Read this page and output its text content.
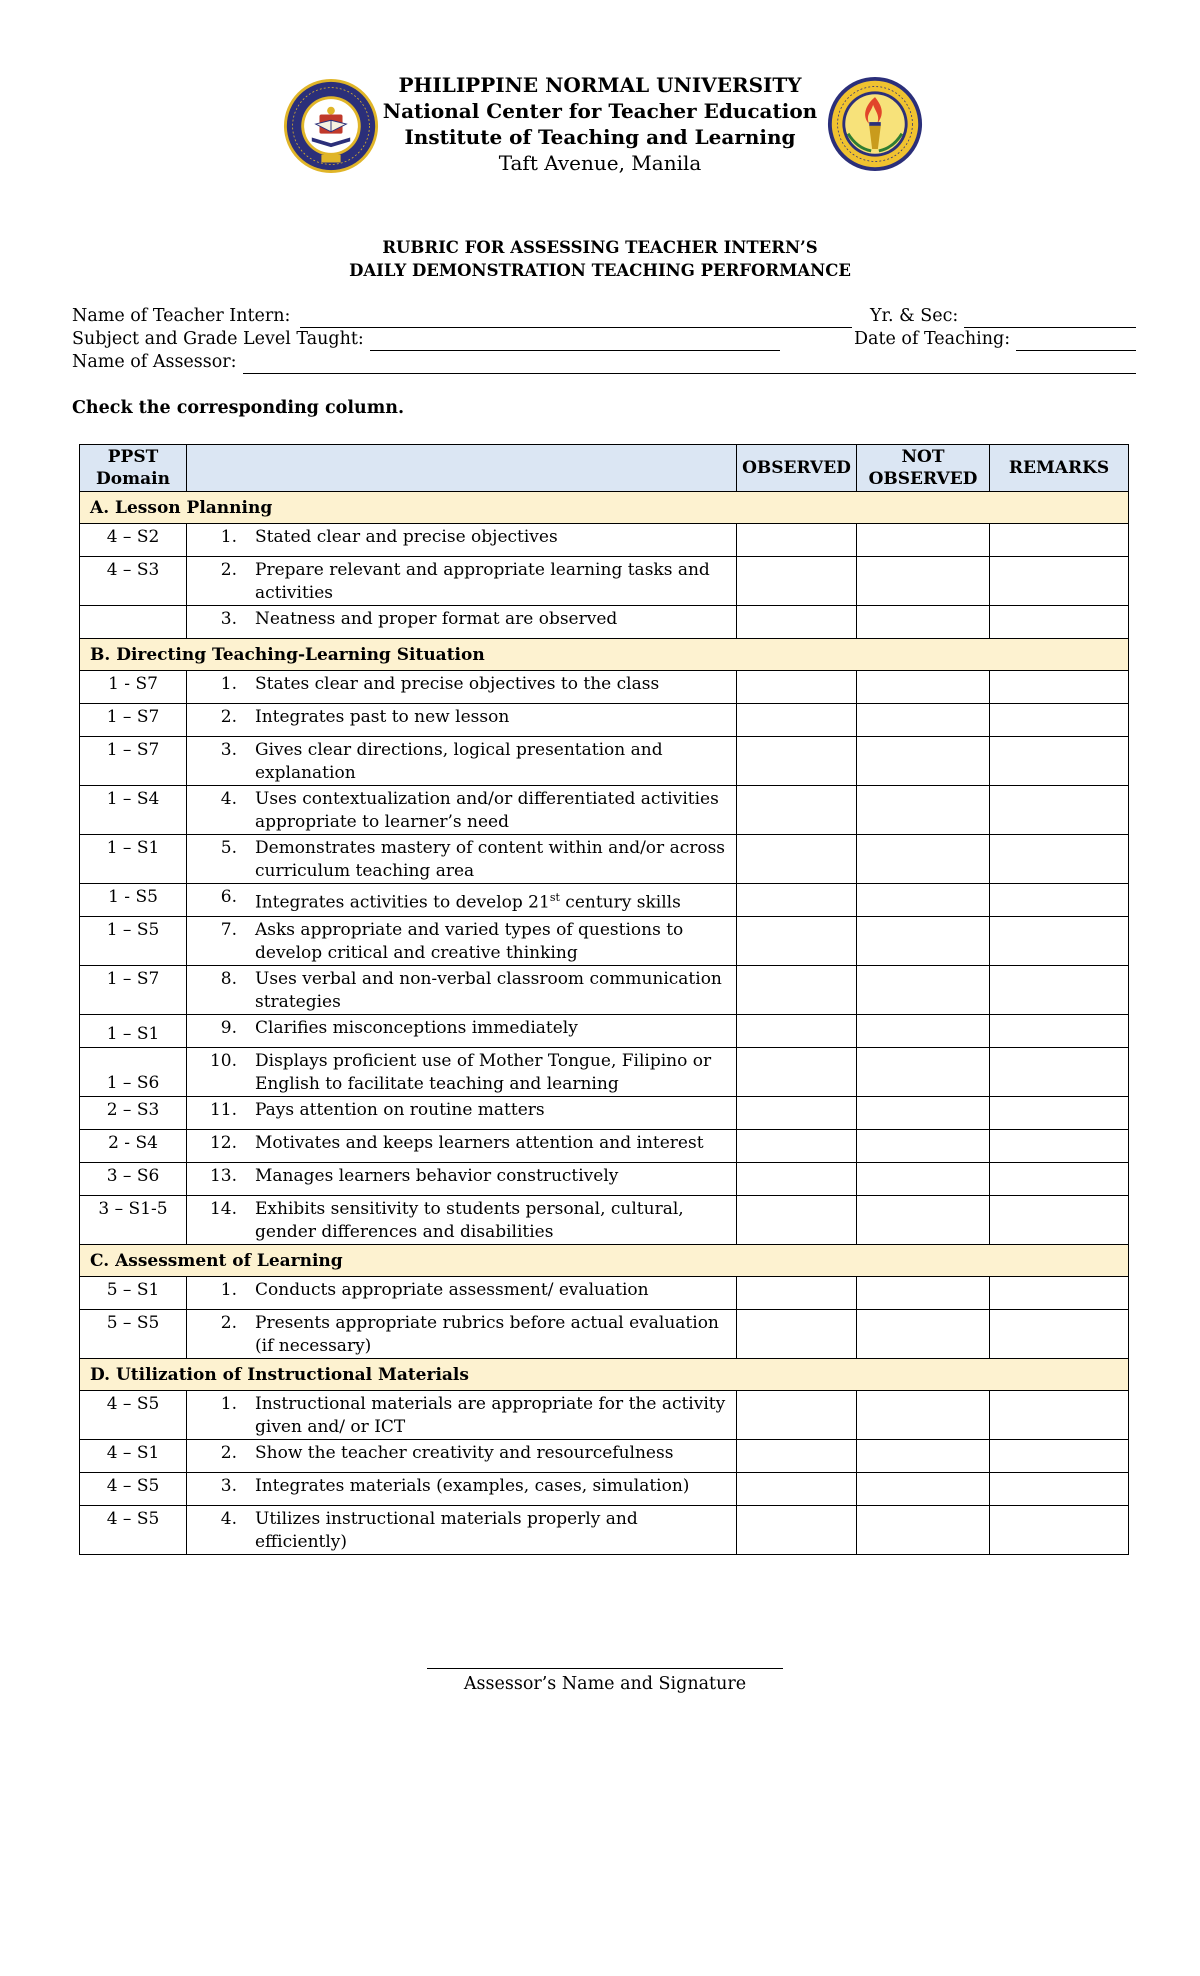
PHILIPPINE NORMAL UNIVERSITY
National Center for Teacher Education
Institute of Teaching and Learning
Taft Avenue, Manila
RUBRIC FOR ASSESSING TEACHER INTERN’S
DAILY DEMONSTRATION TEACHING PERFORMANCE
Name of Teacher Intern:	Yr. & Sec:
Subject and Grade Level Taught:	Date of Teaching:
Name of Assessor:
Check the corresponding column.
PPST Domain		OBSERVED	NOT OBSERVED	REMARKS
A. Lesson Planning				
4 – S2	1. Stated clear and precise objectives			

4 – S3	2. Prepare relevant and appropriate learning tasks and activities			

	3. Neatness and proper format are observed			

B. Directing Teaching-Learning Situation				
1 - S7	1. States clear and precise objectives to the class			

1 – S7	2. Integrates past to new lesson			

1 – S7	3. Gives clear directions, logical presentation and explanation			

1 – S4	4. Uses contextualization and/or differentiated activities appropriate to learner’s need			

1 – S1	5. Demonstrates mastery of content within and/or across curriculum teaching area			

1 - S5	6. Integrates activities to develop 21st century skills			

1 – S5	7. Asks appropriate and varied types of questions to develop critical and creative thinking			

1 – S7	8. Uses verbal and non-verbal classroom communication strategies			

1 – S1	9. Clarifies misconceptions immediately			

1 – S6	10. Displays proficient use of Mother Tongue, Filipino or English to facilitate teaching and learning			

2 – S3	11. Pays attention on routine matters			

2 - S4	12. Motivates and keeps learners attention and interest			

3 – S6	13. Manages learners behavior constructively			

3 – S1-5	14. Exhibits sensitivity to students personal, cultural, gender differences and disabilities			

C. Assessment of Learning				
5 – S1	1. Conducts appropriate assessment/ evaluation			

5 – S5	2. Presents appropriate rubrics before actual evaluation (if necessary)			

D. Utilization of Instructional Materials				
4 – S5	1. Instructional materials are appropriate for the activity given and/ or ICT			

4 – S1	2. Show the teacher creativity and resourcefulness			

4 – S5	3. Integrates materials (examples, cases, simulation)			

4 – S5	4. Utilizes instructional materials properly and efficiently)			

Assessor’s Name and Signature
